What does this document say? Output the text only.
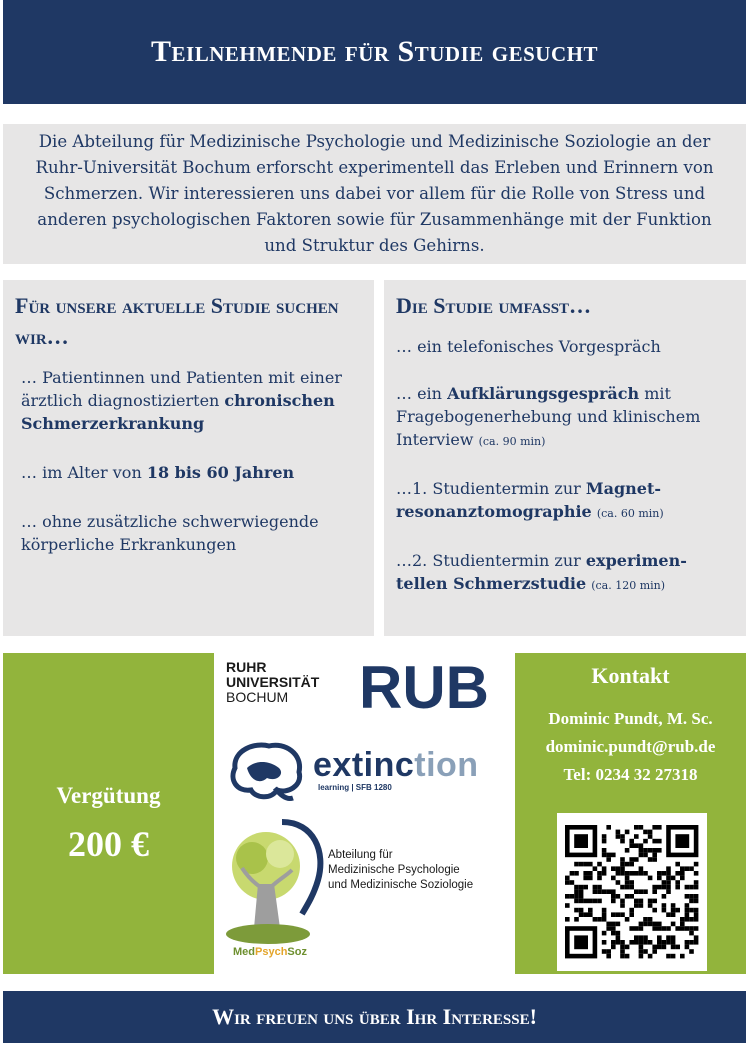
Teilnehmende für Studie gesucht
Die Abteilung für Medizinische Psychologie und Medizinische Soziologie an der Ruhr-Universität Bochum erforscht experimentell das Erleben und Erinnern von Schmerzen. Wir interessieren uns dabei vor allem für die Rolle von Stress und anderen psychologischen Faktoren sowie für Zusammenhänge mit der Funktion und Struktur des Gehirns.
Für unsere aktuelle Studie suchen wir…
… Patientinnen und Patienten mit einer ärztlich diagnostizierten chronischen Schmerzerkrankung
… im Alter von 18 bis 60 Jahren
… ohne zusätzliche schwerwiegende körperliche Erkrankungen
Die Studie umfasst…
… ein telefonisches Vorgespräch
… ein Aufklärungsgespräch mit Fragebogenerhebung und klinischem Interview (ca. 90 min)
…1. Studientermin zur Magnet-resonanztomographie (ca. 60 min)
…2. Studientermin zur experimen-tellen Schmerzstudie (ca. 120 min)
Vergütung
200 €
RUHR
UNIVERSITÄT
BOCHUM	RUB
extinction
learning | SFB 1280
Abteilung für
Medizinische Psychologie
und Medizinische Soziologie
MedPsychSoz
Kontakt
Dominic Pundt, M. Sc.
dominic.pundt@rub.de
Tel: 0234 32 27318
Wir freuen uns über Ihr Interesse!
